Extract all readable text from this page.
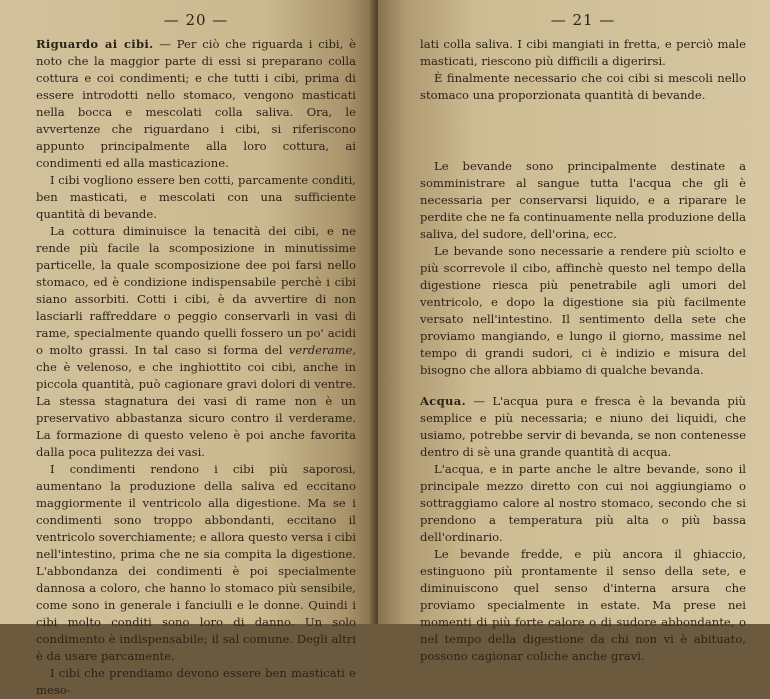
— 20 —

Riguardo ai cibi. — Per ciò che riguarda i cibi, è noto che la maggior parte di essi si preparano colla cottura e coi condimenti; e che tutti i cibi, prima di essere introdotti nello stomaco, vengono masticati nella bocca e mescolati colla saliva. Ora, le avvertenze che riguardano i cibi, si riferiscono appunto principalmente alla loro cottura, ai condimenti ed alla masticazione.

I cibi vogliono essere ben cotti, parcamente conditi, ben masticati, e mescolati con una sufficiente quantità di bevande.

La cottura diminuisce la tenacità dei cibi, e ne rende più facile la scomposizione in minutissime particelle, la quale scomposizione dee poi farsi nello stomaco, ed è condizione indispensabile perchè i cibi siano assorbiti. Cotti i cibi, è da avvertire di non lasciarli raffreddare o peggio conservarli in vasi di rame, specialmente quando quelli fossero un po' acidi o molto grassi. In tal caso si forma del verderame, che è velenoso, e che inghiottito coi cibi, anche in piccola quantità, può cagionare gravi dolori di ventre. La stessa stagnatura dei vasi di rame non è un preservativo abbastanza sicuro contro il verderame. La formazione di questo veleno è poi anche favorita dalla poca pulitezza dei vasi.

I condimenti rendono i cibi più saporosi, aumentano la produzione della saliva ed eccitano maggiormente il ventricolo alla digestione. Ma se i condimenti sono troppo abbondanti, eccitano il ventricolo soverchiamente; e allora questo versa i cibi nell'intestino, prima che ne sia compita la digestione. L'abbondanza dei condimenti è poi specialmente dannosa a coloro, che hanno lo stomaco più sensibile, come sono in generale i fanciulli e le donne. Quindi i cibi molto conditi sono loro di danno. Un solo condimento è indispensabile; il sal comune. Degli altri è da usare parcamente.

I cibi che prendiamo devono essere ben masticati e meso-

— 21 —

lati colla saliva. I cibi mangiati in fretta, e perciò male masticati, riescono più difficili a digerirsi.

È finalmente necessario che coi cibi si mescoli nello stomaco una proporzionata quantità di bevande.

Le bevande sono principalmente destinate a somministrare al sangue tutta l'acqua che gli è necessaria per conservarsi liquido, e a riparare le perdite che ne fa continuamente nella produzione della saliva, del sudore, dell'orina, ecc.

Le bevande sono necessarie a rendere più sciolto e più scorrevole il cibo, affinchè questo nel tempo della digestione riesca più penetrabile agli umori del ventricolo, e dopo la digestione sia più facilmente versato nell'intestino. Il sentimento della sete che proviamo mangiando, e lungo il giorno, massime nel tempo di grandi sudori, ci è indizio e misura del bisogno che allora abbiamo di qualche bevanda.

Acqua. — L'acqua pura e fresca è la bevanda più semplice e più necessaria; e niuno dei liquidi, che usiamo, potrebbe servir di bevanda, se non contenesse dentro di sè una grande quantità di acqua.

L'acqua, e in parte anche le altre bevande, sono il principale mezzo diretto con cui noi aggiungiamo o sottraggiamo calore al nostro stomaco, secondo che si prendono a temperatura più alta o più bassa dell'ordinario.

Le bevande fredde, e più ancora il ghiaccio, estinguono più prontamente il senso della sete, e diminuiscono quel senso d'interna arsura che proviamo specialmente in estate. Ma prese nei momenti di più forte calore o di sudore abbondante, o nel tempo della digestione da chi non vi è abituato, possono cagionar coliche anche gravi.
